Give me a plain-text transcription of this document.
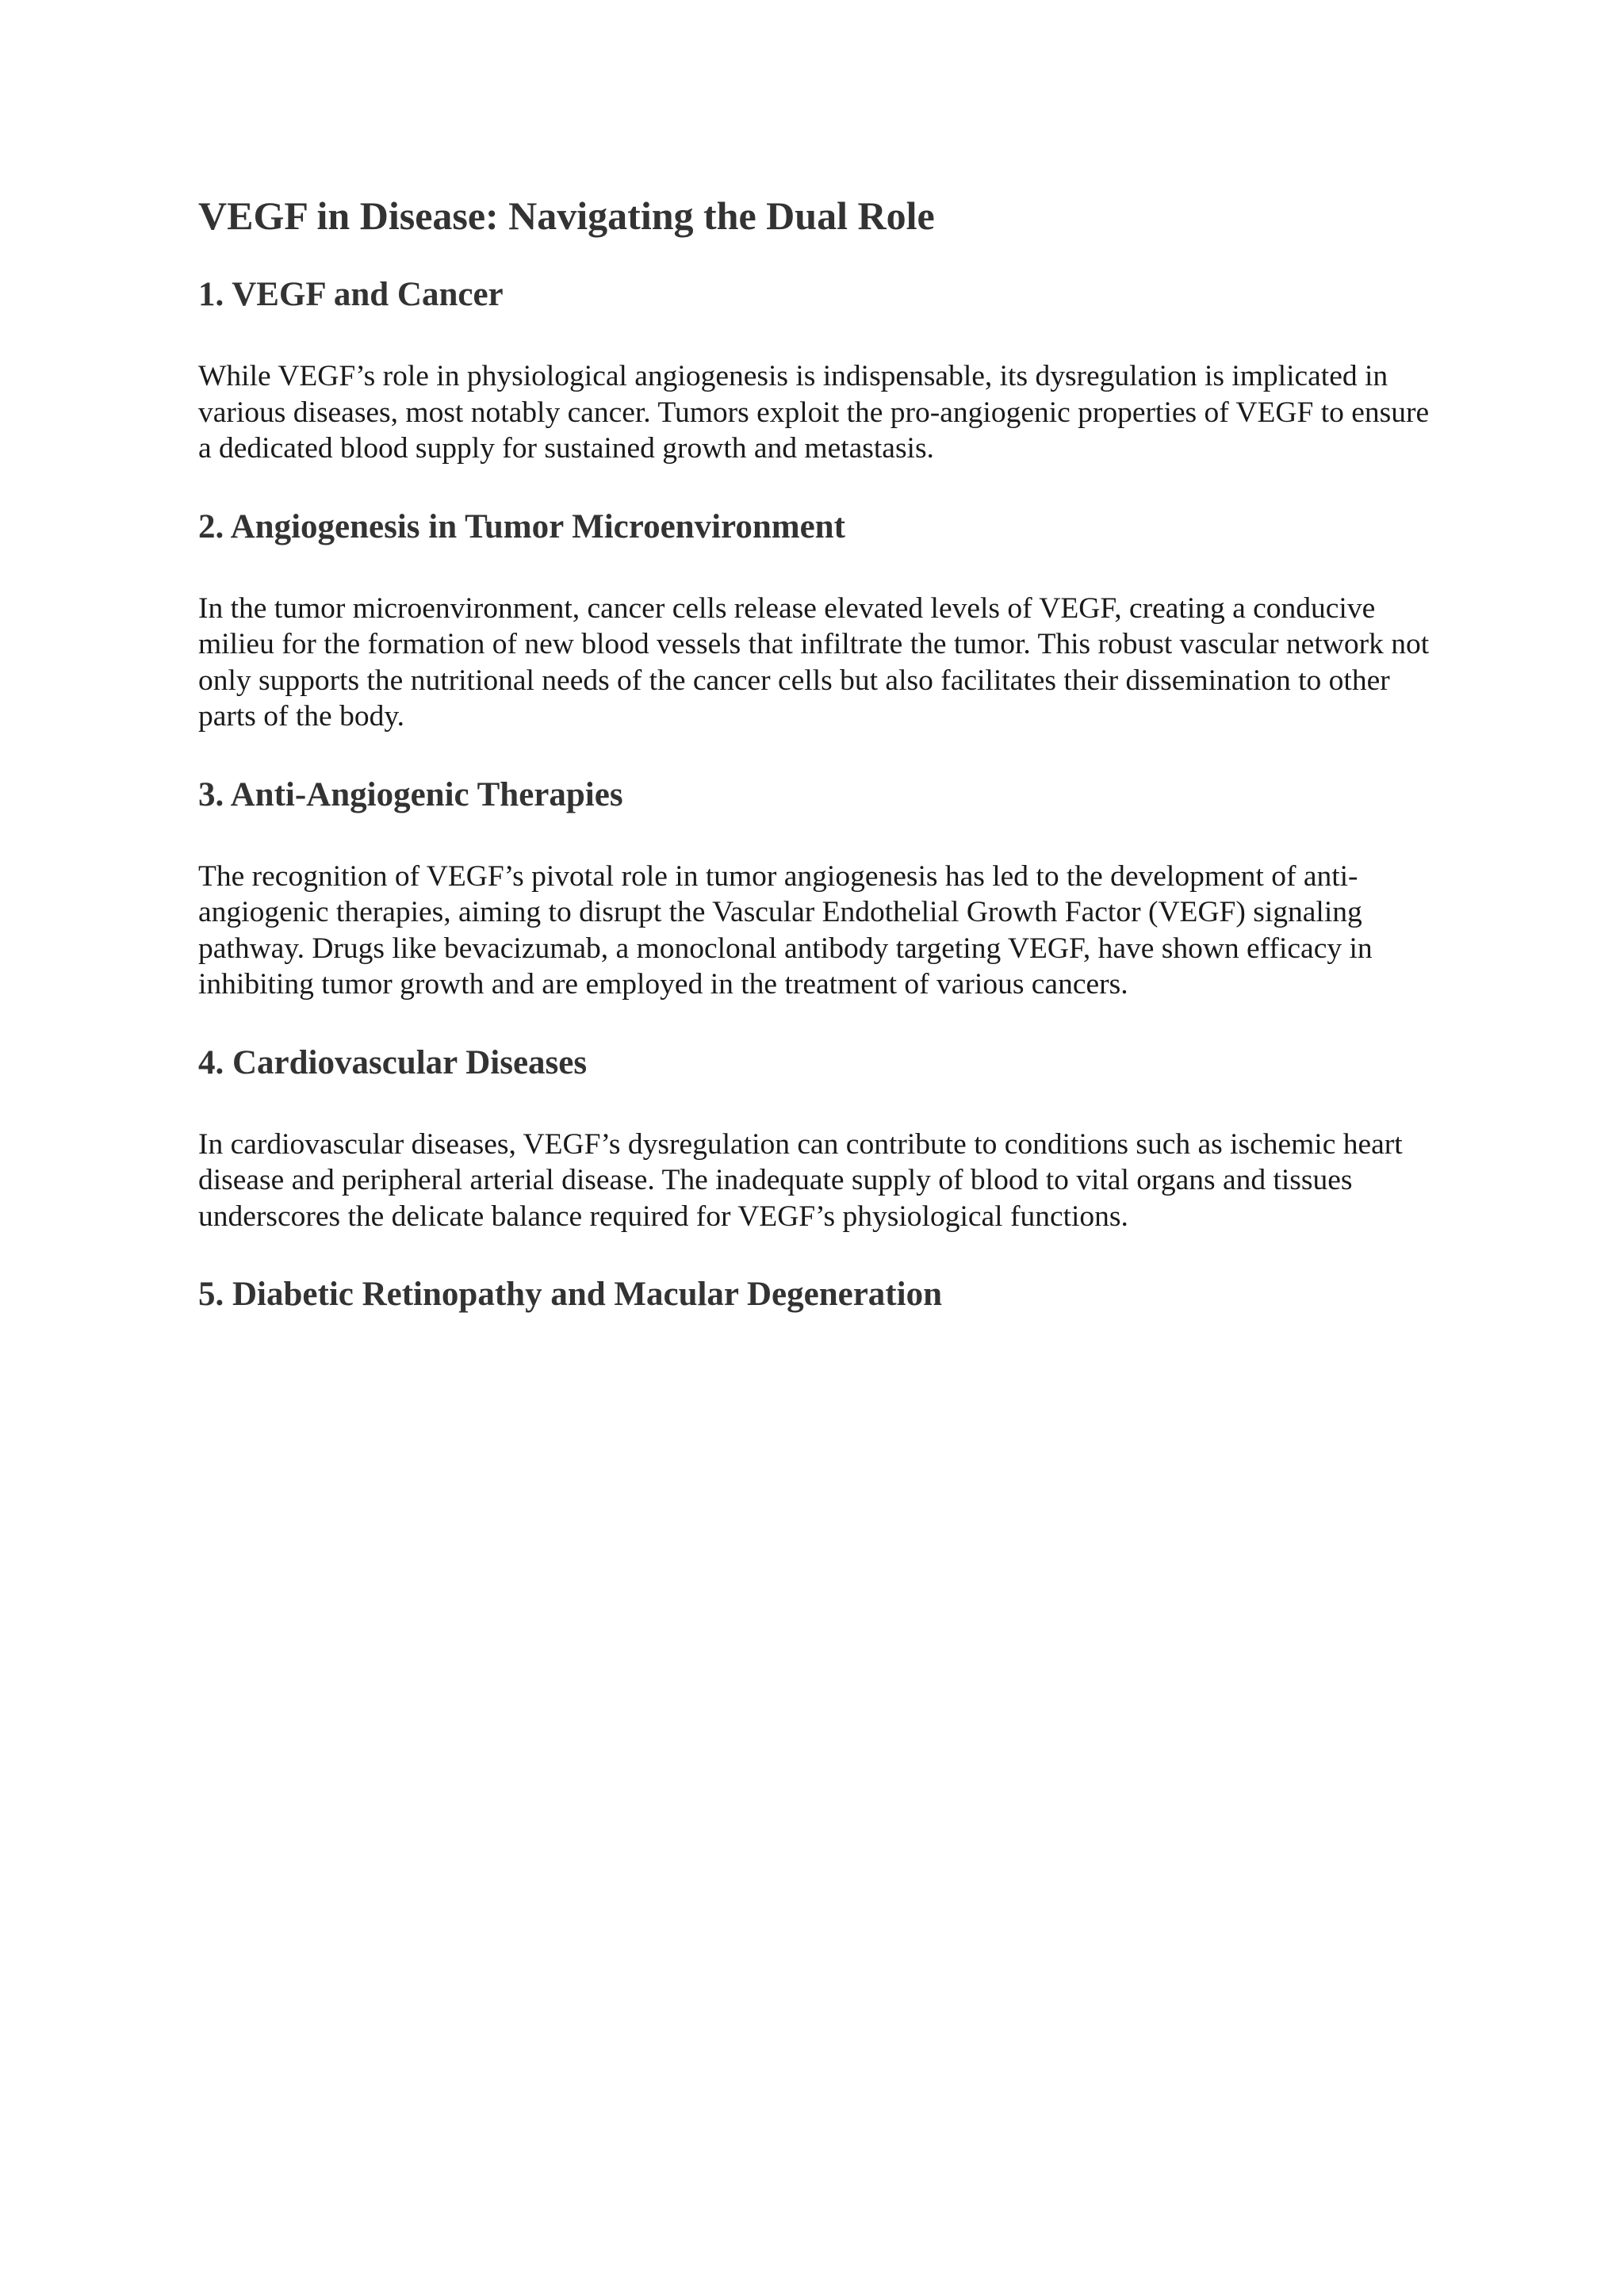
VEGF in Disease: Navigating the Dual Role
1. VEGF and Cancer

While VEGF’s role in physiological angiogenesis is indispensable, its dysregulation is implicated in various diseases, most notably cancer. Tumors exploit the pro-angiogenic properties of VEGF to ensure a dedicated blood supply for sustained growth and metastasis.

2. Angiogenesis in Tumor Microenvironment

In the tumor microenvironment, cancer cells release elevated levels of VEGF, creating a conducive milieu for the formation of new blood vessels that infiltrate the tumor. This robust vascular network not only supports the nutritional needs of the cancer cells but also facilitates their dissemination to other parts of the body.

3. Anti-Angiogenic Therapies

The recognition of VEGF’s pivotal role in tumor angiogenesis has led to the development of anti-angiogenic therapies, aiming to disrupt the Vascular Endothelial Growth Factor (VEGF) signaling pathway. Drugs like bevacizumab, a monoclonal antibody targeting VEGF, have shown efficacy in inhibiting tumor growth and are employed in the treatment of various cancers.

4. Cardiovascular Diseases

In cardiovascular diseases, VEGF’s dysregulation can contribute to conditions such as ischemic heart disease and peripheral arterial disease. The inadequate supply of blood to vital organs and tissues underscores the delicate balance required for VEGF’s physiological functions.

5. Diabetic Retinopathy and Macular Degeneration
